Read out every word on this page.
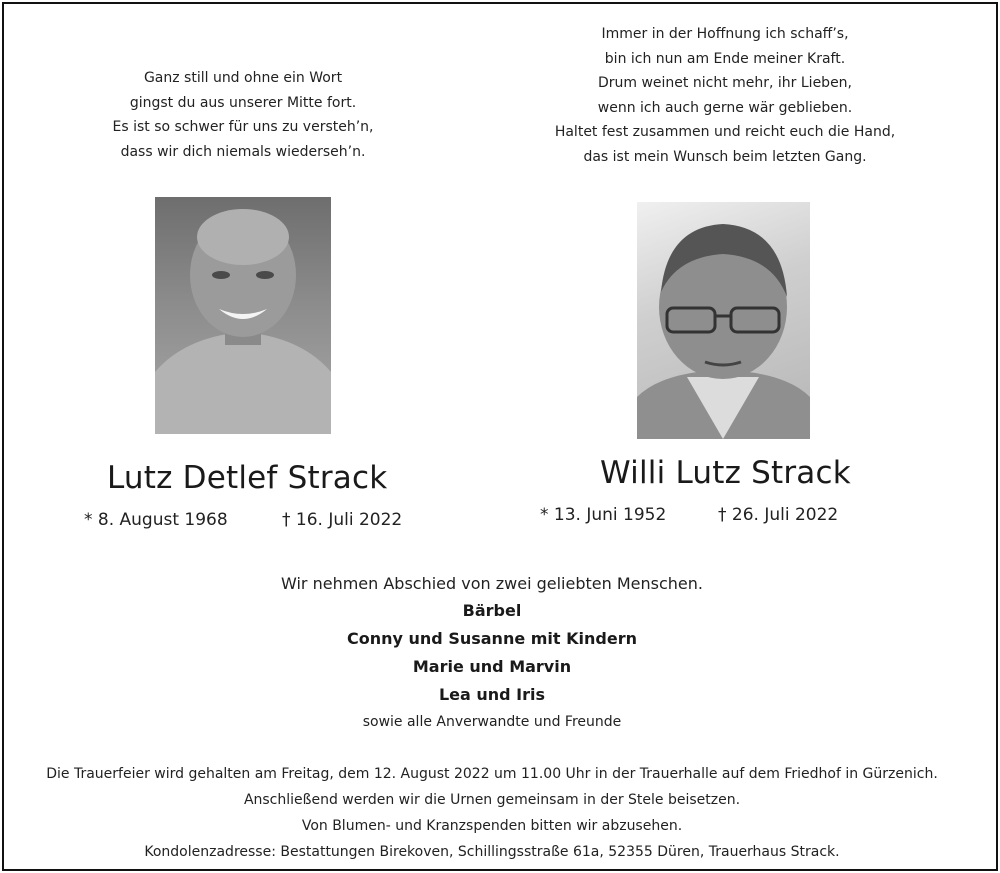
Ganz still und ohne ein Wort
gingst du aus unserer Mitte fort.
Es ist so schwer für uns zu versteh’n,
dass wir dich niemals wiederseh’n.
Immer in der Hoffnung ich schaff’s,
bin ich nun am Ende meiner Kraft.
Drum weinet nicht mehr, ihr Lieben,
wenn ich auch gerne wär geblieben.
Haltet fest zusammen und reicht euch die Hand,
das ist mein Wunsch beim letzten Gang.
Lutz Detlef Strack
* 8. August 1968	† 16. Juli 2022
Willi Lutz Strack
* 13. Juni 1952	† 26. Juli 2022
Wir nehmen Abschied von zwei geliebten Menschen.
Bärbel
Conny und Susanne mit Kindern
Marie und Marvin
Lea und Iris
sowie alle Anverwandte und Freunde
Die Trauerfeier wird gehalten am Freitag, dem 12. August 2022 um 11.00 Uhr in der Trauerhalle auf dem Friedhof in Gürzenich.
Anschließend werden wir die Urnen gemeinsam in der Stele beisetzen.
Von Blumen- und Kranzspenden bitten wir abzusehen.
Kondolenzadresse: Bestattungen Birekoven, Schillingsstraße 61a, 52355 Düren, Trauerhaus Strack.
